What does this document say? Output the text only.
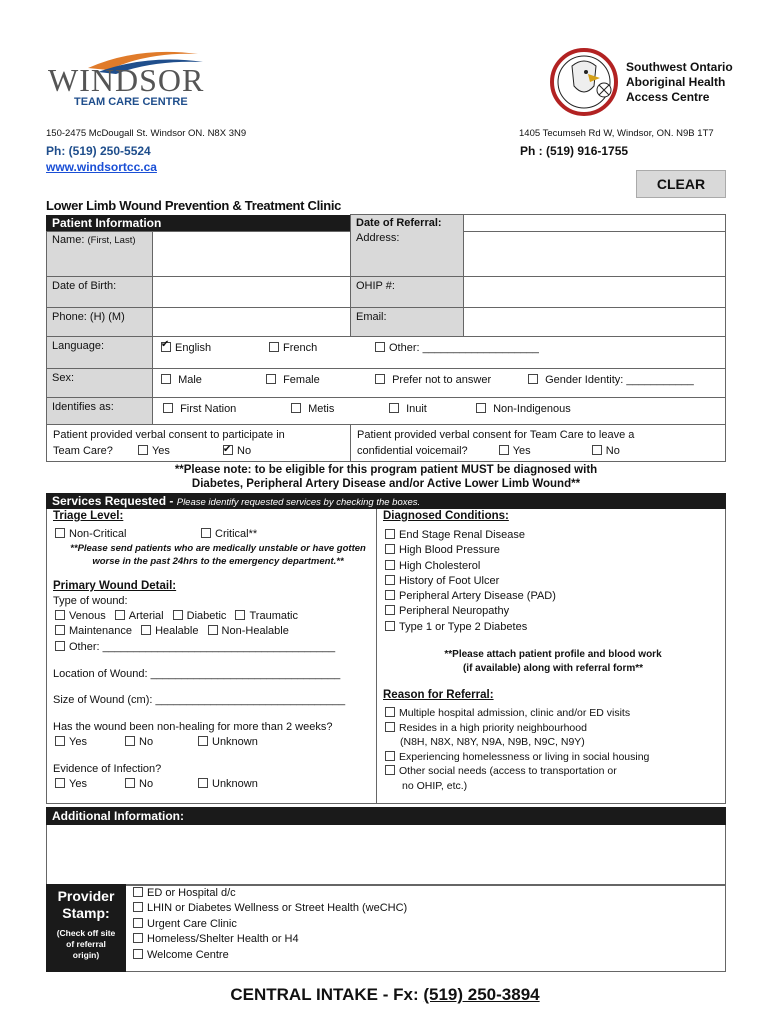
WINDSOR
TEAM CARE CENTRE
150-2475 McDougall St. Windsor ON. N8X 3N9
Ph: (519) 250-5524
www.windsortcc.ca
Southwest Ontario
Aboriginal Health
Access Centre
1405 Tecumseh Rd W, Windsor, ON. N9B 1T7
Ph : (519) 916-1755
CLEAR
Lower Limb Wound Prevention & Treatment Clinic
Patient Information	Date of Referral:
Address:
Name: (First, Last)
Date of Birth:	OHIP #:
Phone: (H) (M)	Email:
Language: ✔	English	French	Other: ___________________
Sex:	Male	Female	Prefer not to answer	Gender Identity: ___________
Identifies as:	First Nation	Metis	Inuit	Non-Indigenous
Patient provided verbal consent to participate in
Team Care?	Yes ✔	No
Patient provided verbal consent for Team Care to leave a
confidential voicemail?	Yes	No
**Please note: to be eligible for this program patient MUST be diagnosed with
Diabetes, Peripheral Artery Disease and/or Active Lower Limb Wound**
Services Requested - Please identify requested services by checking the boxes.
Triage Level:
Non-Critical	Critical**
**Please send patients who are medically unstable or have gotten
worse in the past 24hrs to the emergency department.**
Primary Wound Detail:
Type of wound:
Venous Arterial Diabetic Traumatic
Maintenance Healable Non-Healable
Other: ______________________________________
Location of Wound: _______________________________
Size of Wound (cm): _______________________________
Has the wound been non-healing for more than 2 weeks?
Yes	No	Unknown
Evidence of Infection?
Yes	No	Unknown
Diagnosed Conditions:
End Stage Renal Disease
High Blood Pressure
High Cholesterol
History of Foot Ulcer
Peripheral Artery Disease (PAD)
Peripheral Neuropathy
Type 1 or Type 2 Diabetes
**Please attach patient profile and blood work
(if available) along with referral form**
Reason for Referral:
Multiple hospital admission, clinic and/or ED visits
Resides in a high priority neighbourhood
(N8H, N8X, N8Y, N9A, N9B, N9C, N9Y)
Experiencing homelessness or living in social housing
Other social needs (access to transportation or
no OHIP, etc.)
Additional Information:
Provider
Stamp:
(Check off site
of referral
origin)
ED or Hospital d/c
LHIN or Diabetes Wellness or Street Health (weCHC)
Urgent Care Clinic
Homeless/Shelter Health or H4
Welcome Centre
CENTRAL INTAKE - Fx: (519) 250-3894
